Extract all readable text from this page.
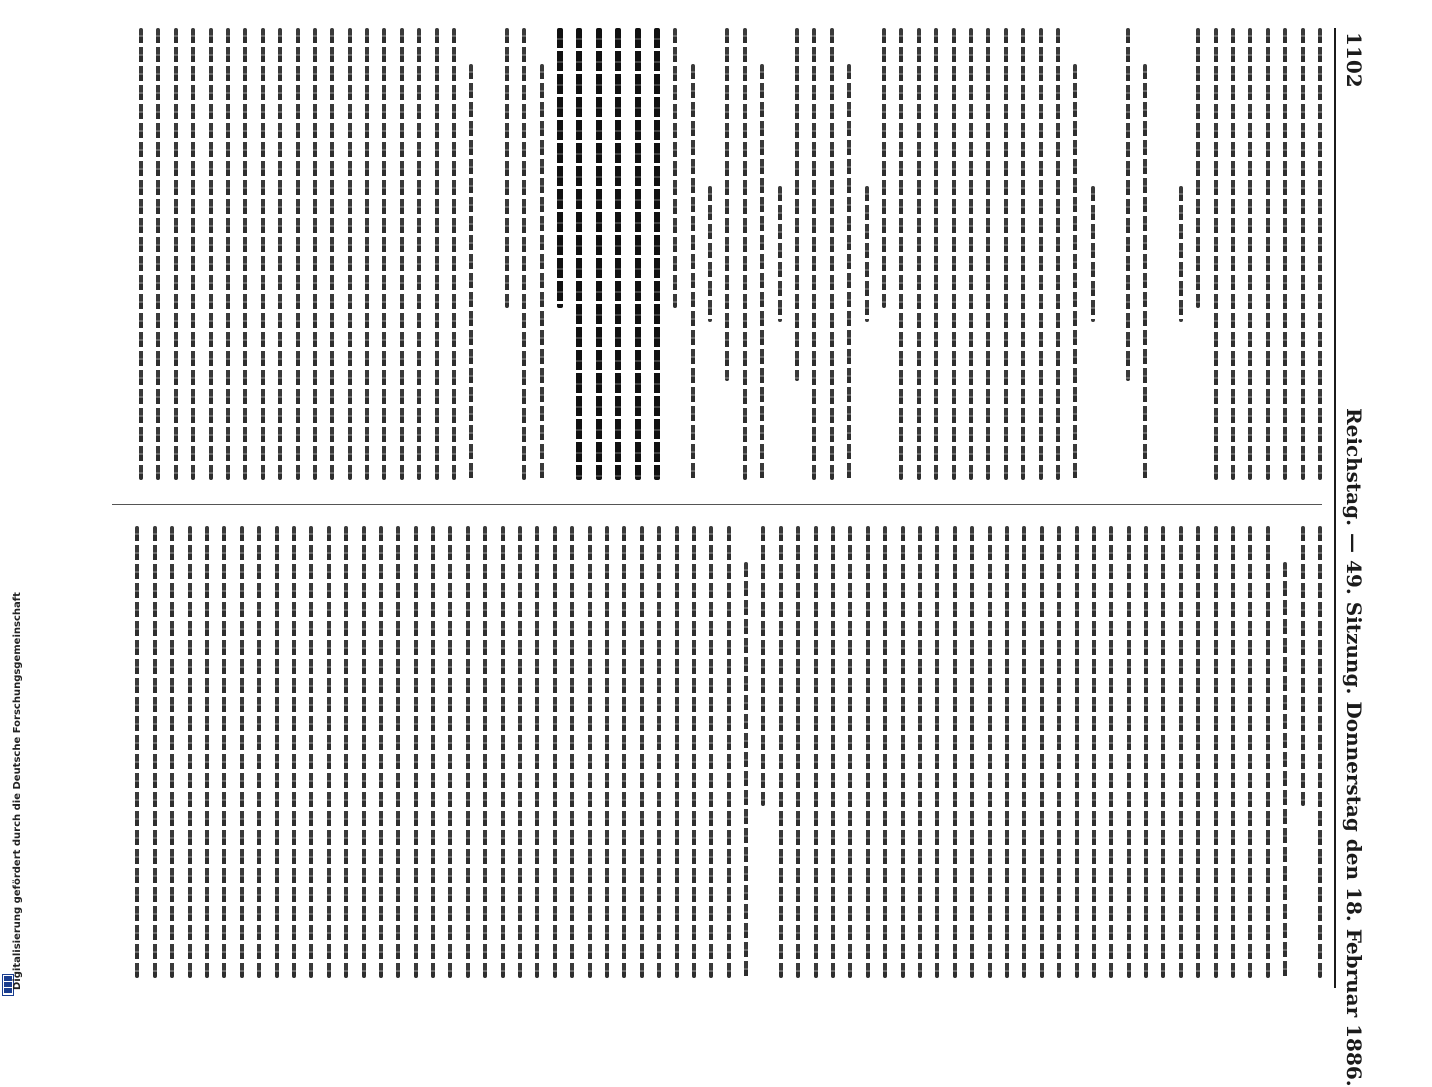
Digitalisierung gefördert durch die Deutsche Forschungsgemeinschaft
1102
Reichstag. — 49. Sitzung. Donnerstag den 18. Februar 1886.
